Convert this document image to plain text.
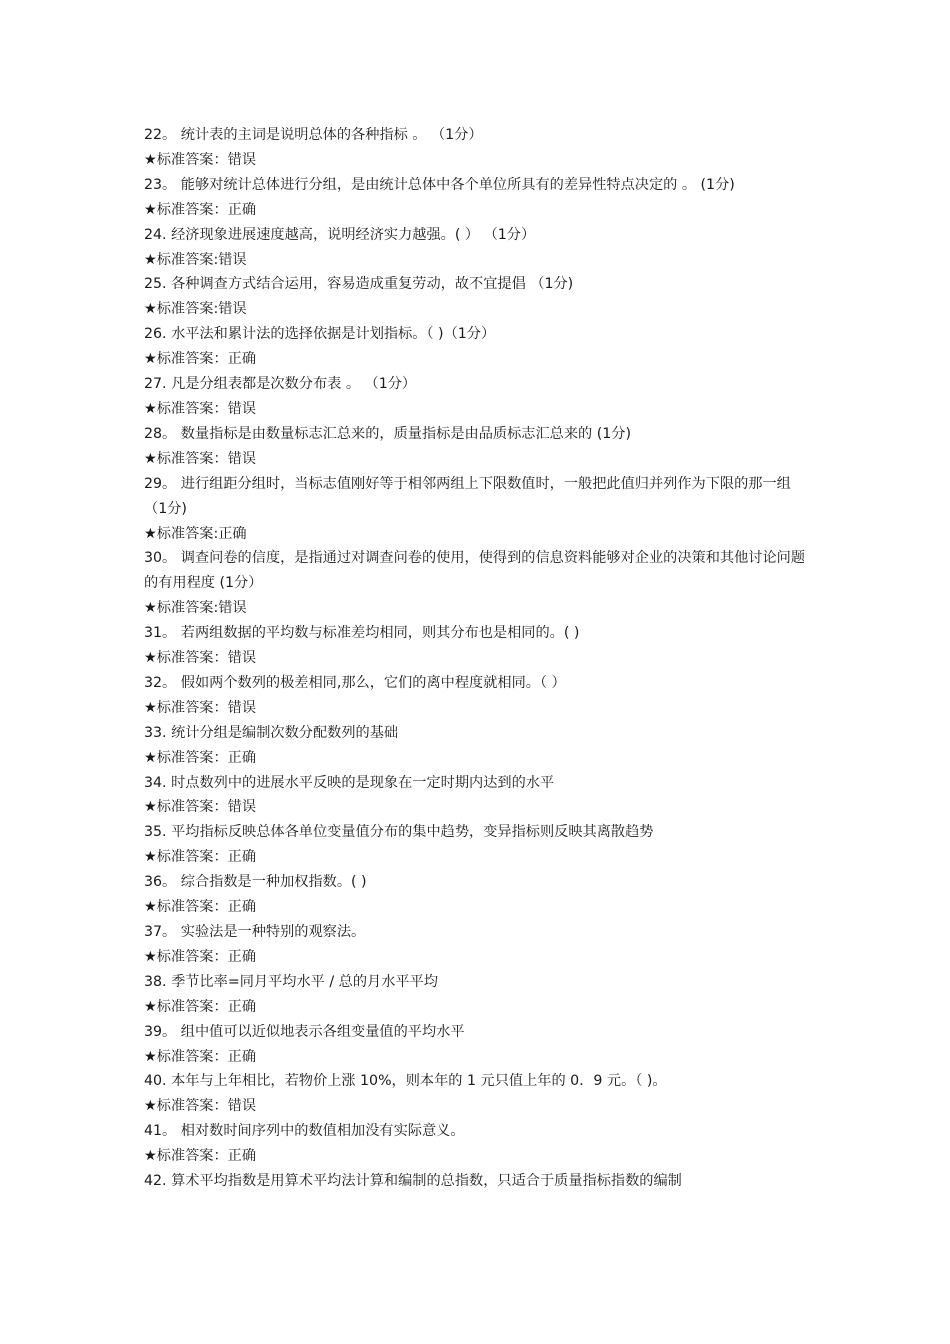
22。 统计表的主词是说明总体的各种指标 。 （1分）
★标准答案：错误
23。 能够对统计总体进行分组，是由统计总体中各个单位所具有的差异性特点决定的 。 (1分)
★标准答案：正确
24. 经济现象进展速度越高，说明经济实力越强。( ） （1分）
★标准答案:错误
25. 各种调查方式结合运用，容易造成重复劳动，故不宜提倡 （1分)
★标准答案:错误
26. 水平法和累计法的选择依据是计划指标。（ )（1分）
★标准答案：正确
27. 凡是分组表都是次数分布表 。 （1分）
★标准答案：错误
28。 数量指标是由数量标志汇总来的，质量指标是由品质标志汇总来的 (1分)
★标准答案：错误
29。 进行组距分组时，当标志值刚好等于相邻两组上下限数值时，一般把此值归并列作为下限的那一组 （1分)
★标准答案:正确
30。 调查问卷的信度，是指通过对调查问卷的使用，使得到的信息资料能够对企业的决策和其他讨论问题的有用程度 (1分）
★标准答案:错误
31。 若两组数据的平均数与标准差均相同，则其分布也是相同的。( )
★标准答案：错误
32。 假如两个数列的极差相同,那么，它们的离中程度就相同。（ ）
★标准答案：错误
33. 统计分组是编制次数分配数列的基础
★标准答案：正确
34. 时点数列中的进展水平反映的是现象在一定时期内达到的水平
★标准答案：错误
35. 平均指标反映总体各单位变量值分布的集中趋势，变异指标则反映其离散趋势
★标准答案：正确
36。 综合指数是一种加权指数。( )
★标准答案：正确
37。 实验法是一种特别的观察法。
★标准答案：正确
38. 季节比率=同月平均水平 / 总的月水平平均
★标准答案：正确
39。 组中值可以近似地表示各组变量值的平均水平
★标准答案：正确
40. 本年与上年相比，若物价上涨 10%，则本年的 1 元只值上年的 0．9 元。（ )。
★标准答案：错误
41。 相对数时间序列中的数值相加没有实际意义。
★标准答案：正确
42. 算术平均指数是用算术平均法计算和编制的总指数，只适合于质量指标指数的编制
